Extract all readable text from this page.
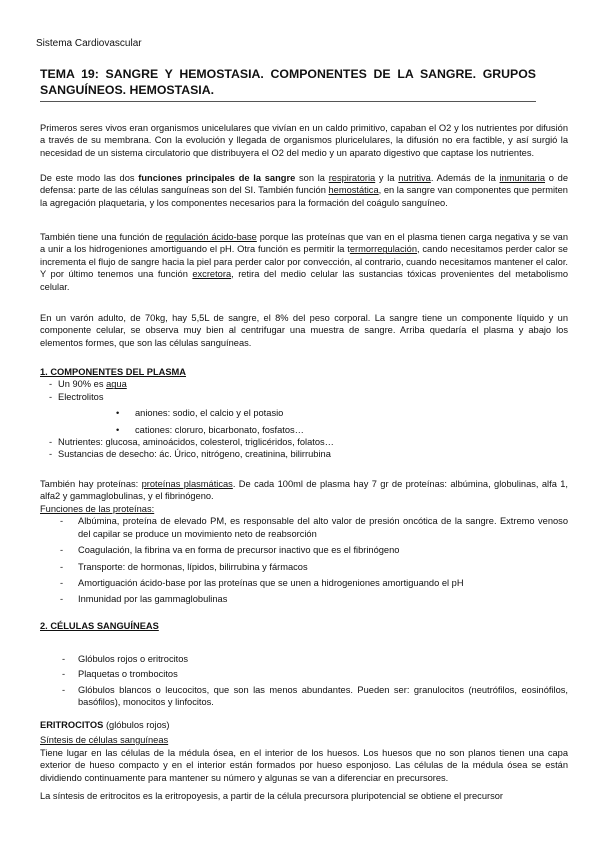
Sistema Cardiovascular
TEMA 19: SANGRE Y HEMOSTASIA. COMPONENTES DE LA SANGRE. GRUPOS SANGUÍNEOS. HEMOSTASIA.
Primeros seres vivos eran organismos unicelulares que vivían en un caldo primitivo, capaban el O2 y los nutrientes por difusión a través de su membrana. Con la evolución y llegada de organismos pluricelulares, la difusión no era factible, y así surgió la necesidad de un sistema circulatorio que distribuyera el O2 del medio y un aparato digestivo que captase los nutrientes.
De este modo las dos funciones principales de la sangre son la respiratoria y la nutritiva. Además de la inmunitaria o de defensa: parte de las células sanguíneas son del SI. También función hemostática, en la sangre van componentes que permiten la agregación plaquetaria, y los componentes necesarios para la formación del coágulo sanguíneo.
También tiene una función de regulación ácido-base porque las proteínas que van en el plasma tienen carga negativa y se van a unir a los hidrogeniones amortiguando el pH. Otra función es permitir la termorregulación, cando necesitamos perder calor se incrementa el flujo de sangre hacia la piel para perder calor por convección, al contrario, cuando necesitamos mantener el calor. Y por último tenemos una función excretora, retira del medio celular las sustancias tóxicas provenientes del metabolismo celular.
En un varón adulto, de 70kg, hay 5,5L de sangre, el 8% del peso corporal. La sangre tiene un componente líquido y un componente celular, se observa muy bien al centrifugar una muestra de sangre. Arriba quedaría el plasma y abajo los elementos formes, que son las células sanguíneas.
1. COMPONENTES DEL PLASMA
- Un 90% es agua
- Electrolitos
• aniones: sodio, el calcio y el potasio
• cationes: cloruro, bicarbonato, fosfatos…
- Nutrientes: glucosa, aminoácidos, colesterol, triglicéridos, folatos…
- Sustancias de desecho: ác. Úrico, nitrógeno, creatinina, bilirrubina
También hay proteínas: proteínas plasmáticas. De cada 100ml de plasma hay 7 gr de proteínas: albúmina, globulinas, alfa 1, alfa2 y gammaglobulinas, y el fibrinógeno.
Funciones de las proteínas:
- Albúmina, proteína de elevado PM, es responsable del alto valor de presión oncótica de la sangre. Extremo venoso del capilar se produce un movimiento neto de reabsorción
- Coagulación, la fibrina va en forma de precursor inactivo que es el fibrinógeno
- Transporte: de hormonas, lípidos, bilirrubina y fármacos
- Amortiguación ácido-base por las proteínas que se unen a hidrogeniones amortiguando el pH
- Inmunidad por las gammaglobulinas
2. CÉLULAS SANGUÍNEAS
- Glóbulos rojos o eritrocitos
- Plaquetas o trombocitos
- Glóbulos blancos o leucocitos, que son las menos abundantes. Pueden ser: granulocitos (neutrófilos, eosinófilos, basófilos), monocitos y linfocitos.
ERITROCITOS (glóbulos rojos)
Síntesis de células sanguíneas
Tiene lugar en las células de la médula ósea, en el interior de los huesos. Los huesos que no son planos tienen una capa exterior de hueso compacto y en el interior están formados por hueso esponjoso. Las células de la médula ósea se están dividiendo continuamente para mantener su número y algunas se van a diferenciar en precursores.
La síntesis de eritrocitos es la eritropoyesis, a partir de la célula precursora pluripotencial se obtiene el precursor
